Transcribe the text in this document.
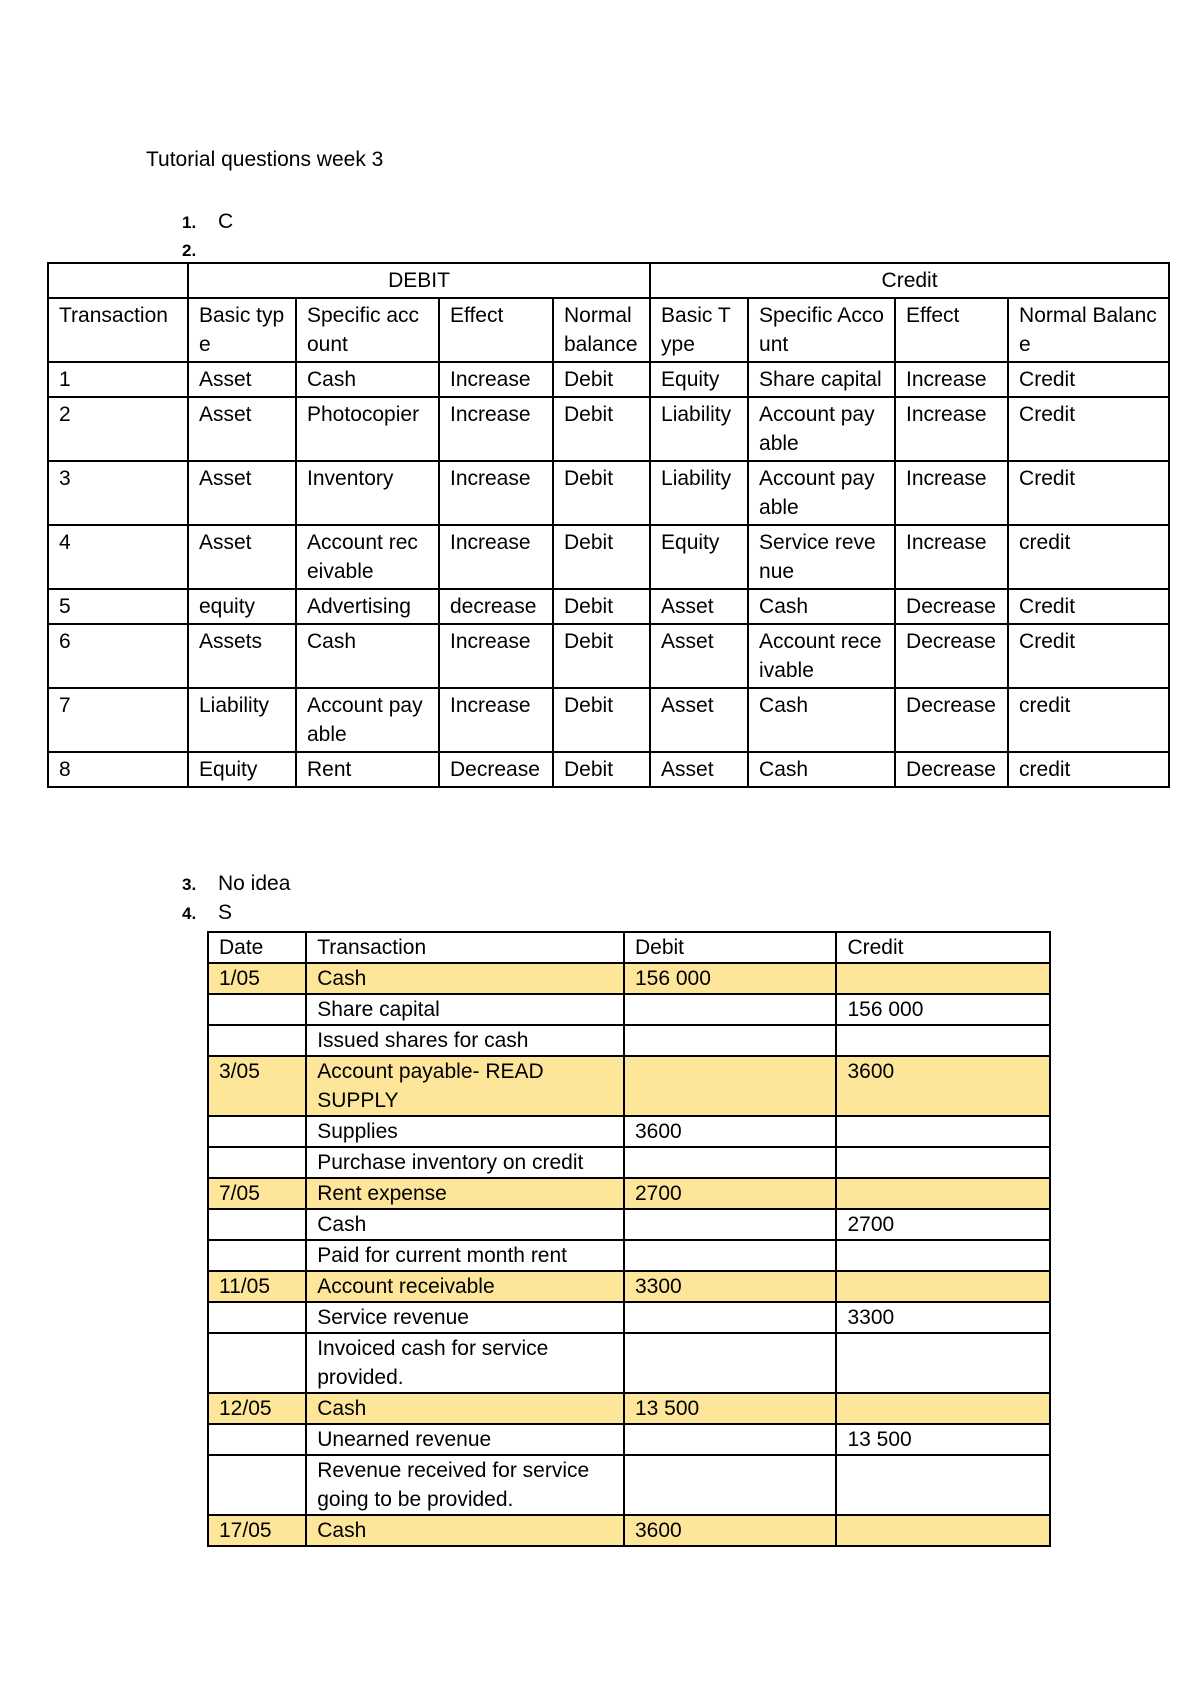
Tutorial questions week 3
1. C
2.
	DEBIT				Credit			
Transaction	Basic type	Specific account	Effect	Normal balance	Basic Type	Specific Account	Effect	Normal Balance
1	Asset	Cash	Increase	Debit	Equity	Share capital	Increase	Credit
2	Asset	Photocopier	Increase	Debit	Liability	Account payable	Increase	Credit
3	Asset	Inventory	Increase	Debit	Liability	Account payable	Increase	Credit
4	Asset	Account receivable	Increase	Debit	Equity	Service revenue	Increase	credit
5	equity	Advertising	decrease	Debit	Asset	Cash	Decrease	Credit
6	Assets	Cash	Increase	Debit	Asset	Account receivable	Decrease	Credit
7	Liability	Account payable	Increase	Debit	Asset	Cash	Decrease	credit
8	Equity	Rent	Decrease	Debit	Asset	Cash	Decrease	credit
3. No idea
4. S
Date	Transaction	Debit	Credit
1/05	Cash	156 000	
	Share capital		156 000
	Issued shares for cash		
3/05	Account payable- READ SUPPLY		3600
	Supplies	3600	
	Purchase inventory on credit		
7/05	Rent expense	2700	
	Cash		2700
	Paid for current month rent		
11/05	Account receivable	3300	
	Service revenue		3300
	Invoiced cash for service provided.		
12/05	Cash	13 500	
	Unearned revenue		13 500
	Revenue received for service going to be provided.		
17/05	Cash	3600	
